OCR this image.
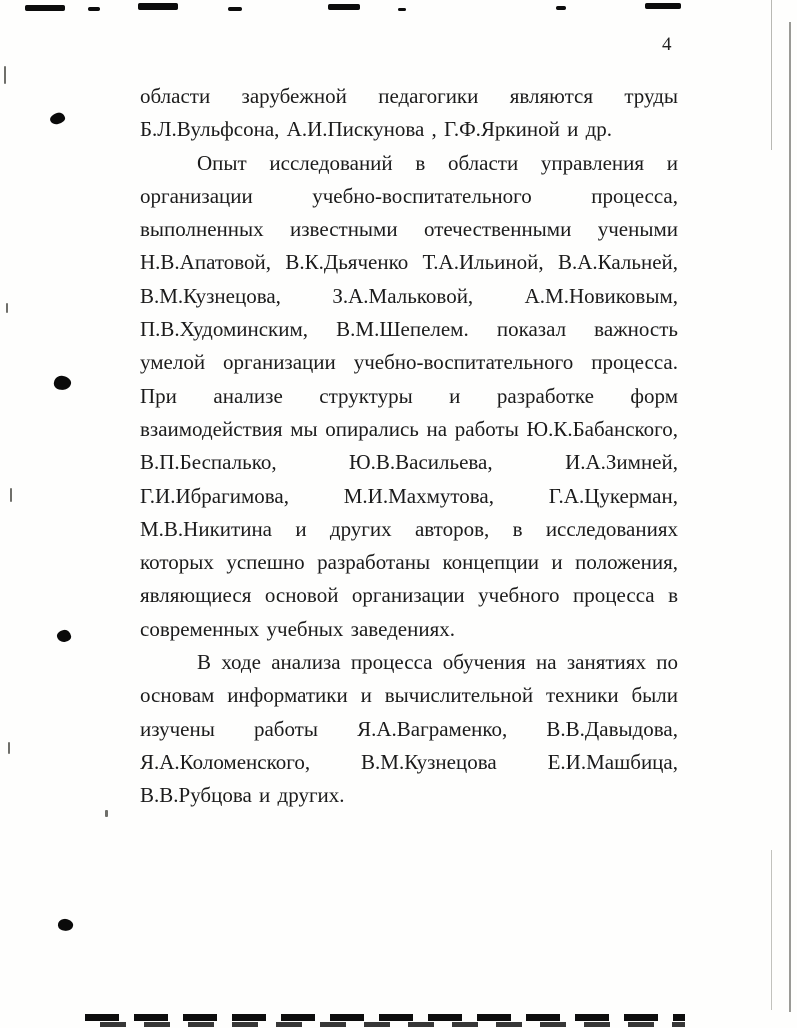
4

области зарубежной педагогики являются труды Б.Л.Вульфсона, А.И.Пискунова , Г.Ф.Яркиной и др.

Опыт исследований в области управления и организации учебно-воспитательного процесса, выполненных известными отечественными учеными Н.В.Апатовой, В.К.Дьяченко Т.А.Ильиной, В.А.Кальней, В.М.Кузнецова, З.А.Мальковой, А.М.Новиковым, П.В.Худоминским, В.М.Шепелем. показал важность умелой организации учебно-воспитательного процесса. При анализе структуры и разработке форм взаимодействия мы опирались на работы Ю.К.Бабанского, В.П.Беспалько, Ю.В.Васильева, И.А.Зимней, Г.И.Ибрагимова, М.И.Махмутова, Г.А.Цукерман, М.В.Никитина и других авторов, в исследованиях которых успешно разработаны концепции и положения, являющиеся основой организации учебного процесса в современных учебных заведениях.

В ходе анализа процесса обучения на занятиях по основам информатики и вычислительной техники были изучены работы Я.А.Ваграменко, В.В.Давыдова, Я.А.Коломенского, В.М.Кузнецова Е.И.Машбица, В.В.Рубцова и других.
